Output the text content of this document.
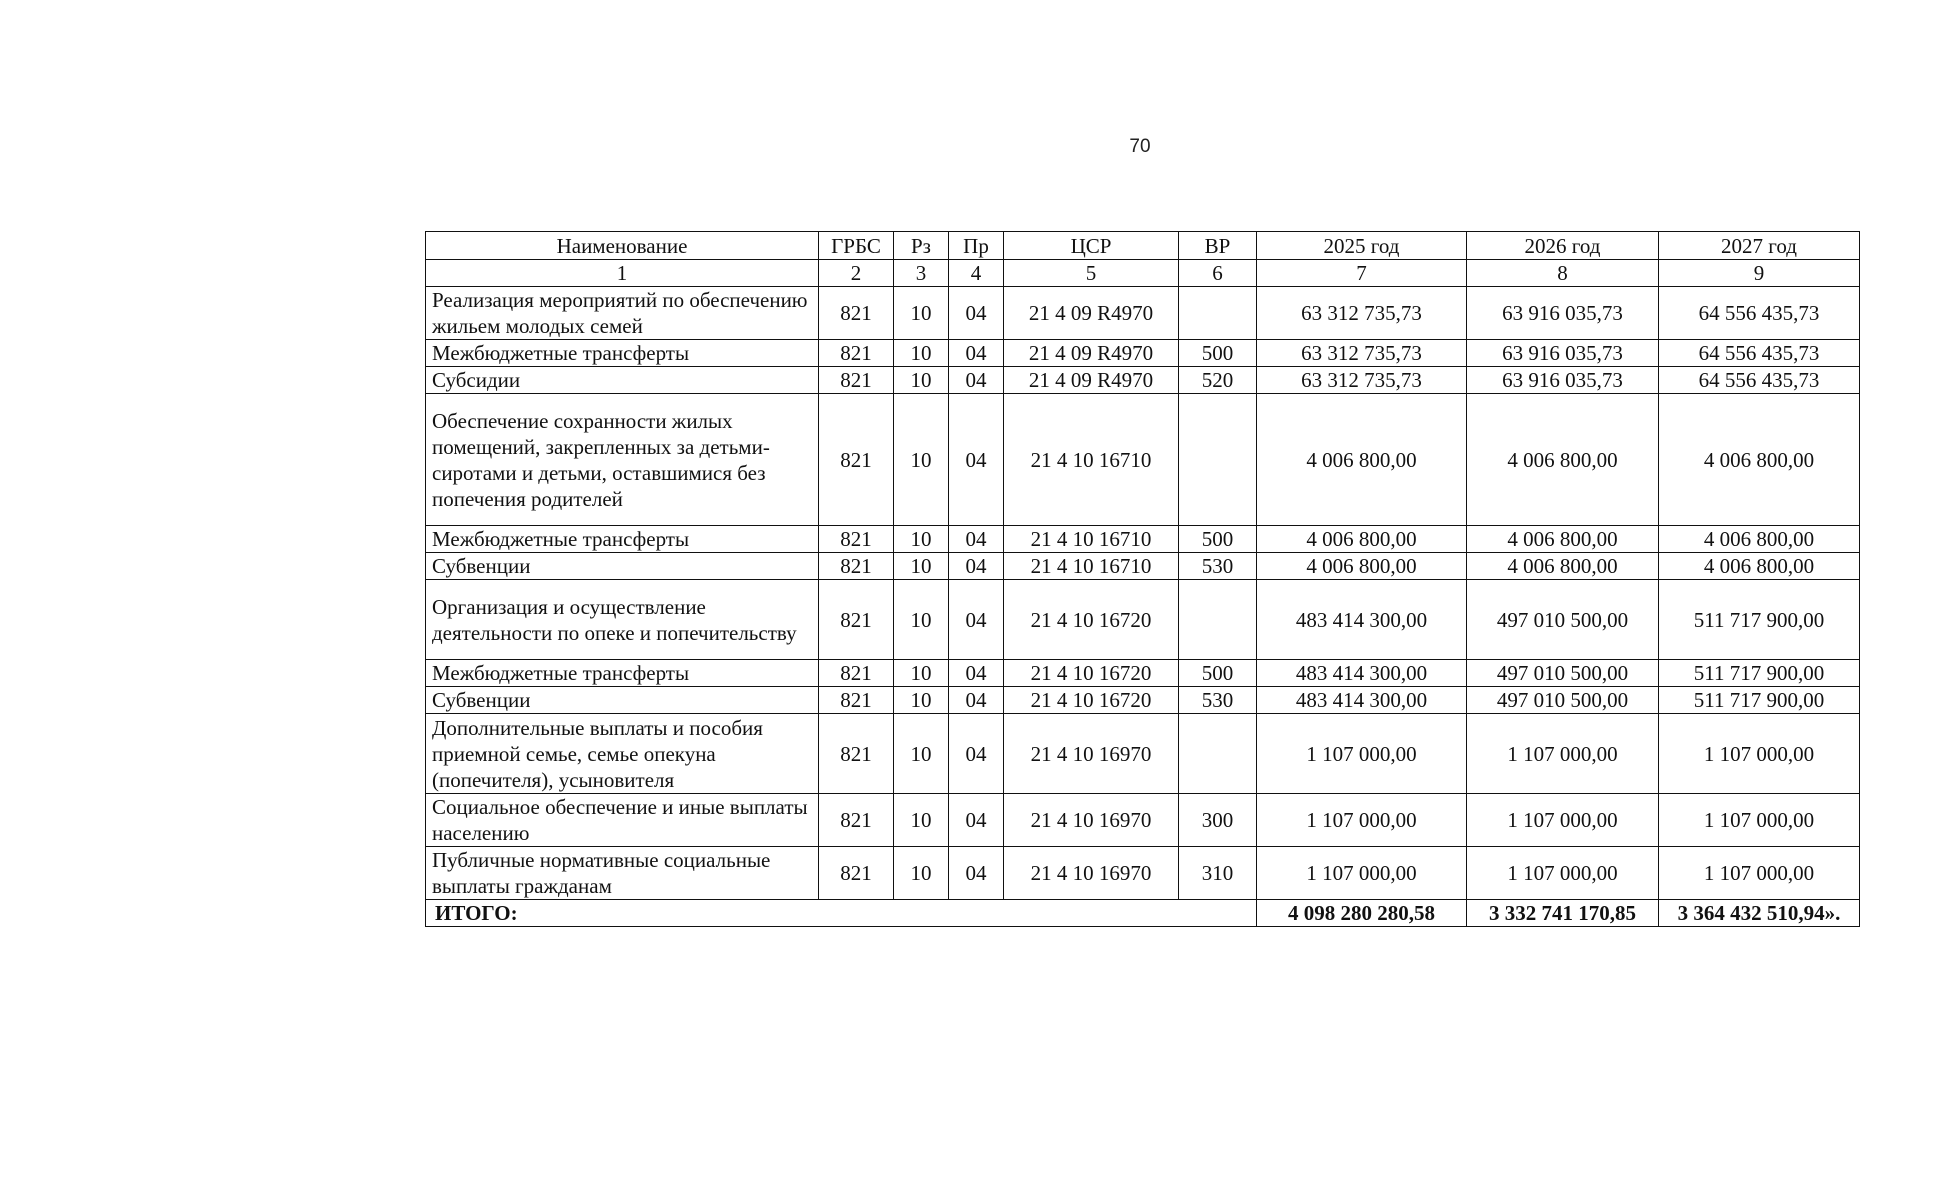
70
Наименование	ГРБС	Рз	Пр	ЦСР	ВР	2025 год	2026 год	2027 год
1	2	3	4	5	6	7	8	9
Реализация мероприятий по обеспечению жильем молодых семей	821	10	04	21 4 09 R4970		63 312 735,73	63 916 035,73	64 556 435,73
Межбюджетные трансферты	821	10	04	21 4 09 R4970	500	63 312 735,73	63 916 035,73	64 556 435,73
Субсидии	821	10	04	21 4 09 R4970	520	63 312 735,73	63 916 035,73	64 556 435,73
Обеспечение сохранности жилых помещений, закрепленных за детьми-сиротами и детьми, оставшимися без попечения родителей	821	10	04	21 4 10 16710		4 006 800,00	4 006 800,00	4 006 800,00
Межбюджетные трансферты	821	10	04	21 4 10 16710	500	4 006 800,00	4 006 800,00	4 006 800,00
Субвенции	821	10	04	21 4 10 16710	530	4 006 800,00	4 006 800,00	4 006 800,00
Организация и осуществление деятельности по опеке и попечительству	821	10	04	21 4 10 16720		483 414 300,00	497 010 500,00	511 717 900,00
Межбюджетные трансферты	821	10	04	21 4 10 16720	500	483 414 300,00	497 010 500,00	511 717 900,00
Субвенции	821	10	04	21 4 10 16720	530	483 414 300,00	497 010 500,00	511 717 900,00
Дополнительные выплаты и пособия приемной семье, семье опекуна (попечителя), усыновителя	821	10	04	21 4 10 16970		1 107 000,00	1 107 000,00	1 107 000,00
Социальное обеспечение и иные выплаты населению	821	10	04	21 4 10 16970	300	1 107 000,00	1 107 000,00	1 107 000,00
Публичные нормативные социальные выплаты гражданам	821	10	04	21 4 10 16970	310	1 107 000,00	1 107 000,00	1 107 000,00
ИТОГО:						4 098 280 280,58	3 332 741 170,85	3 364 432 510,94».
